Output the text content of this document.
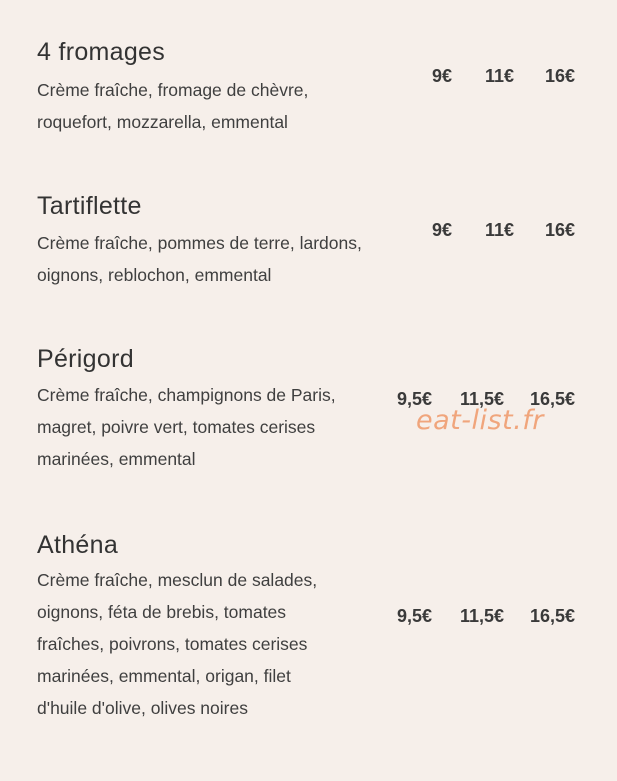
4 fromages

Crème fraîche, fromage de chèvre,
roquefort, mozzarella, emmental

9€	11€	16€
Tartiflette

Crème fraîche, pommes de terre, lardons,
oignons, reblochon, emmental

9€	11€	16€
Périgord

Crème fraîche, champignons de Paris,
magret, poivre vert, tomates cerises
marinées, emmental

9,5€	11,5€	16,5€
Athéna

Crème fraîche, mesclun de salades,
oignons, féta de brebis, tomates
fraîches, poivrons, tomates cerises
marinées, emmental, origan, filet
d'huile d'olive, olives noires

9,5€	11,5€	16,5€
eat-list.fr
